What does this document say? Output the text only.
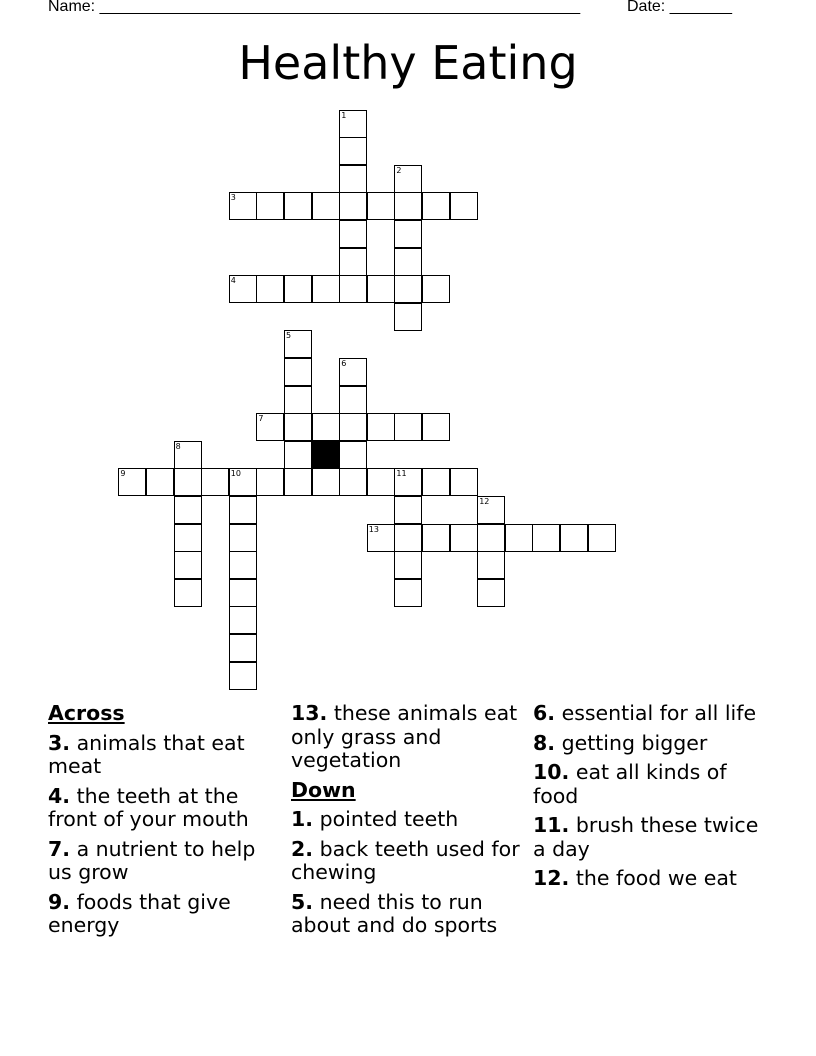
Name: ______________________________________________________	Date: _______
Healthy Eating
1
2
3
4
5
6
7
8
9	10	11
12
13
Across
3. animals that eat meat
4. the teeth at the front of your mouth
7. a nutrient to help us grow
9. foods that give energy
13. these animals eat only grass and vegetation
Down
1. pointed teeth
2. back teeth used for chewing
5. need this to run about and do sports
6. essential for all life
8. getting bigger
10. eat all kinds of food
11. brush these twice a day
12. the food we eat
